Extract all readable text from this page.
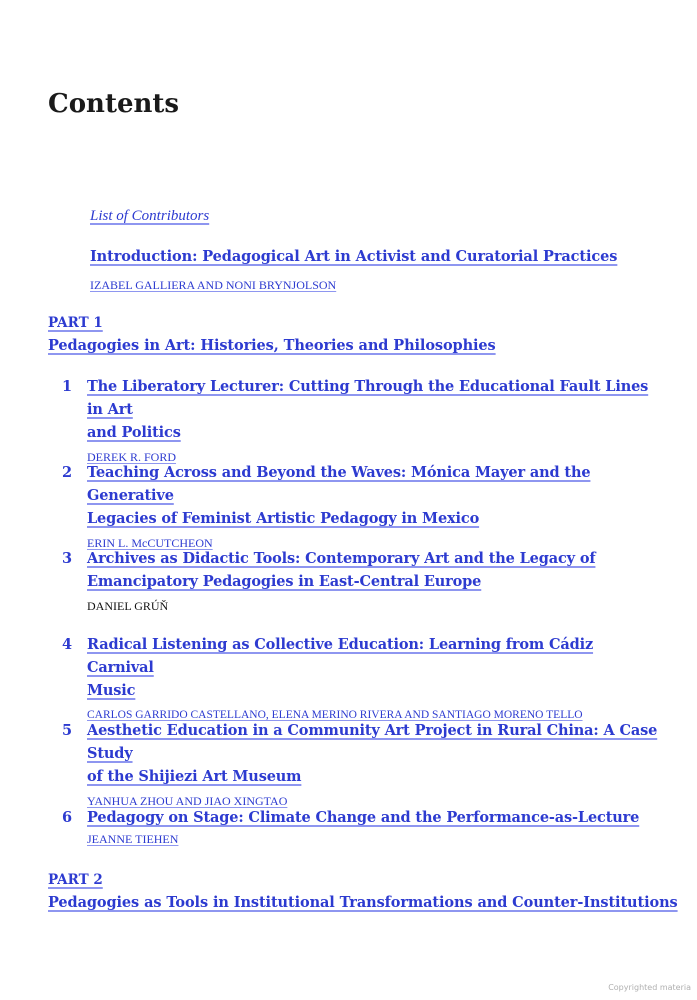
Contents
List of Contributors
Introduction: Pedagogical Art in Activist and Curatorial Practices
IZABEL GALLIERA AND NONI BRYNJOLSON
PART 1
Pedagogies in Art: Histories, Theories and Philosophies
1 The Liberatory Lecturer: Cutting Through the Educational Fault Lines in Art
and Politics
DEREK R. FORD
2 Teaching Across and Beyond the Waves: Mónica Mayer and the Generative
Legacies of Feminist Artistic Pedagogy in Mexico
ERIN L. McCUTCHEON
3 Archives as Didactic Tools: Contemporary Art and the Legacy of
Emancipatory Pedagogies in East-Central Europe
DANIEL GRÚŇ
4 Radical Listening as Collective Education: Learning from Cádiz Carnival
Music
CARLOS GARRIDO CASTELLANO, ELENA MERINO RIVERA AND SANTIAGO MORENO TELLO
5 Aesthetic Education in a Community Art Project in Rural China: A Case Study
of the Shijiezi Art Museum
YANHUA ZHOU AND JIAO XINGTAO
6 Pedagogy on Stage: Climate Change and the Performance-as-Lecture
JEANNE TIEHEN
PART 2
Pedagogies as Tools in Institutional Transformations and Counter-Institutions
Copyrighted materia
